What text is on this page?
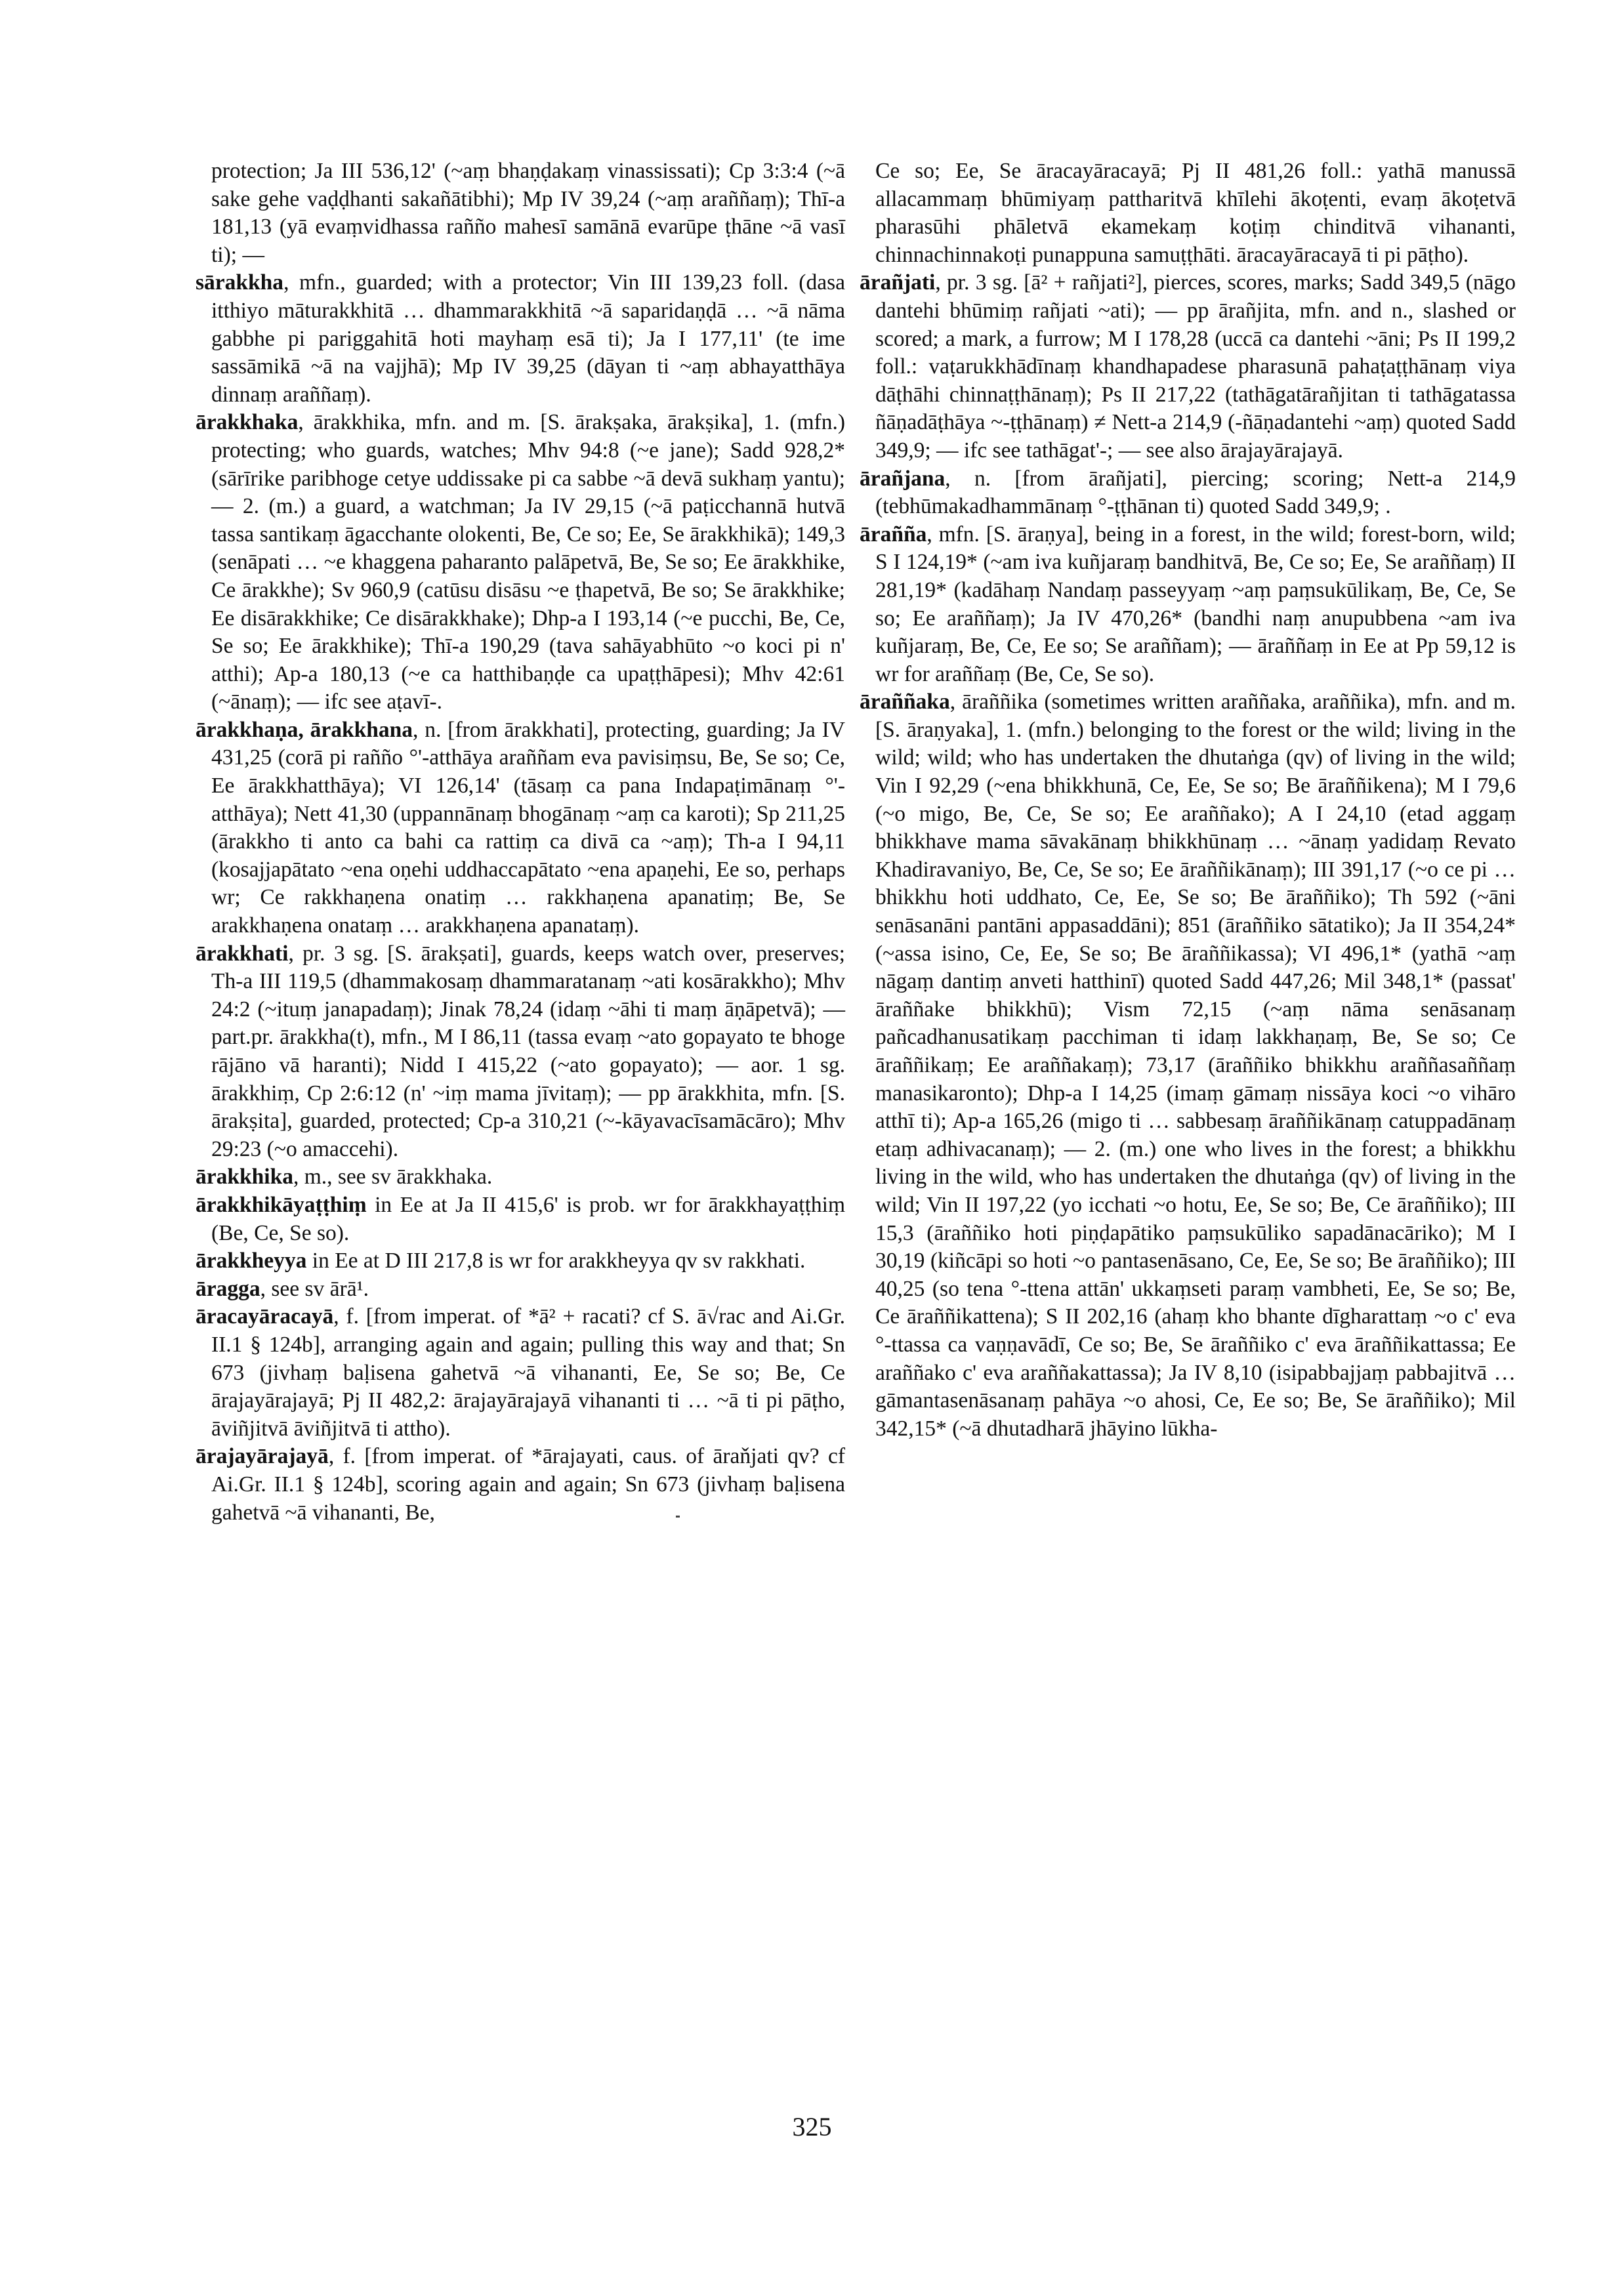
protection; Ja III 536,12' (~aṃ bhaṇḍakaṃ vinassissati); Cp 3:3:4 (~ā sake gehe vaḍḍhanti sakañātibhi); Mp IV 39,24 (~aṃ araññaṃ); Thī-a 181,13 (yā evaṃvidhassa rañño mahesī samānā evarūpe ṭhāne ~ā vasī ti); —

sārakkha, mfn., guarded; with a protector; Vin III 139,23 foll. (dasa itthiyo māturakkhitā … dhammarakkhitā ~ā saparidaṇḍā … ~ā nāma gabbhe pi pariggahitā hoti mayhaṃ esā ti); Ja I 177,11' (te ime sassāmikā ~ā na vajjhā); Mp IV 39,25 (dāyan ti ~aṃ abhayatthāya dinnaṃ araññaṃ).

ārakkhaka, ārakkhika, mfn. and m. [S. ārakṣaka, ārakṣika], 1. (mfn.) protecting; who guards, watches; Mhv 94:8 (~e jane); Sadd 928,2* (sārīrike paribhoge cetye uddissake pi ca sabbe ~ā devā sukhaṃ yantu); — 2. (m.) a guard, a watchman; Ja IV 29,15 (~ā paṭicchannā hutvā tassa santikaṃ āgacchante olokenti, Be, Ce so; Ee, Se ārakkhikā); 149,3 (senāpati … ~e khaggena paharanto palāpetvā, Be, Se so; Ee ārakkhike, Ce ārakkhe); Sv 960,9 (catūsu disāsu ~e ṭhapetvā, Be so; Se ārakkhike; Ee disārakkhike; Ce disārakkhake); Dhp-a I 193,14 (~e pucchi, Be, Ce, Se so; Ee ārakkhike); Thī-a 190,29 (tava sahāyabhūto ~o koci pi n' atthi); Ap-a 180,13 (~e ca hatthibaṇḍe ca upaṭṭhāpesi); Mhv 42:61 (~ānaṃ); — ifc see aṭavī-.

ārakkhaṇa, ārakkhana, n. [from ārakkhati], protecting, guarding; Ja IV 431,25 (corā pi rañño °'-atthāya araññam eva pavisiṃsu, Be, Se so; Ce, Ee ārakkhatthāya); VI 126,14' (tāsaṃ ca pana Indapaṭimānaṃ °'-atthāya); Nett 41,30 (uppannānaṃ bhogānaṃ ~aṃ ca karoti); Sp 211,25 (ārakkho ti anto ca bahi ca rattiṃ ca divā ca ~aṃ); Th-a I 94,11 (kosajjapātato ~ena oṇehi uddhaccapātato ~ena apaṇehi, Ee so, perhaps wr; Ce rakkhaṇena onatiṃ … rakkhaṇena apanatiṃ; Be, Se arakkhaṇena onataṃ … arakkhaṇena apanataṃ).

ārakkhati, pr. 3 sg. [S. ārakṣati], guards, keeps watch over, preserves; Th-a III 119,5 (dhammakosaṃ dhammaratanaṃ ~ati kosārakkho); Mhv 24:2 (~ituṃ janapadaṃ); Jinak 78,24 (idaṃ ~āhi ti maṃ āṇāpetvā); — part.pr. ārakkha(t), mfn., M I 86,11 (tassa evaṃ ~ato gopayato te bhoge rājāno vā haranti); Nidd I 415,22 (~ato gopayato); — aor. 1 sg. ārakkhiṃ, Cp 2:6:12 (n' ~iṃ mama jīvitaṃ); — pp ārakkhita, mfn. [S. ārakṣita], guarded, protected; Cp-a 310,21 (~-kāyavacīsamācāro); Mhv 29:23 (~o amaccehi).

ārakkhika, m., see sv ārakkhaka.

ārakkhikāyaṭṭhiṃ in Ee at Ja II 415,6' is prob. wr for ārakkhayaṭṭhiṃ (Be, Ce, Se so).

ārakkheyya in Ee at D III 217,8 is wr for arakkheyya qv sv rakkhati.

āragga, see sv ārā¹.

āracayāracayā, f. [from imperat. of *ā² + racati? cf S. ā√rac and Ai.Gr. II.1 § 124b], arranging again and again; pulling this way and that; Sn 673 (jivhaṃ baḷisena gahetvā ~ā vihananti, Ee, Se so; Be, Ce ārajayārajayā; Pj II 482,2: ārajayārajayā vihananti ti … ~ā ti pi pāṭho, āviñjitvā āviñjitvā ti attho).

ārajayārajayā, f. [from imperat. of *ārajayati, caus. of āraňjati qv? cf Ai.Gr. II.1 § 124b], scoring again and again; Sn 673 (jivhaṃ baḷisena gahetvā ~ā vihananti, Be,

Ce so; Ee, Se āracayāracayā; Pj II 481,26 foll.: yathā manussā allacammaṃ bhūmiyaṃ pattharitvā khīlehi ākoṭenti, evaṃ ākoṭetvā pharasūhi phāletvā ekamekaṃ koṭiṃ chinditvā vihananti, chinnachinnakoṭi punappuna samuṭṭhāti. āracayāracayā ti pi pāṭho).

ārañjati, pr. 3 sg. [ā² + rañjati²], pierces, scores, marks; Sadd 349,5 (nāgo dantehi bhūmiṃ rañjati ~ati); — pp ārañjita, mfn. and n., slashed or scored; a mark, a furrow; M I 178,28 (uccā ca dantehi ~āni; Ps II 199,2 foll.: vaṭarukkhādīnaṃ khandhapadese pharasunā pahaṭaṭṭhānaṃ viya dāṭhāhi chinnaṭṭhānaṃ); Ps II 217,22 (tathāgatārañjitan ti tathāgatassa ñāṇadāṭhāya ~-ṭṭhānaṃ) ≠ Nett-a 214,9 (-ñāṇadantehi ~aṃ) quoted Sadd 349,9; — ifc see tathāgat'-; — see also ārajayārajayā.

ārañjana, n. [from ārañjati], piercing; scoring; Nett-a 214,9 (tebhūmakadhammānaṃ °-ṭṭhānan ti) quoted Sadd 349,9; .

ārañña, mfn. [S. āraṇya], being in a forest, in the wild; forest-born, wild; S I 124,19* (~am iva kuñjaraṃ bandhitvā, Be, Ce so; Ee, Se araññaṃ) II 281,19* (kadāhaṃ Nandaṃ passeyyaṃ ~aṃ paṃsukūlikaṃ, Be, Ce, Se so; Ee araññaṃ); Ja IV 470,26* (bandhi naṃ anupubbena ~am iva kuñjaraṃ, Be, Ce, Ee so; Se araññam); — āraññaṃ in Ee at Pp 59,12 is wr for araññaṃ (Be, Ce, Se so).

āraññaka, āraññika (sometimes written araññaka, araññika), mfn. and m. [S. āraṇyaka], 1. (mfn.) belonging to the forest or the wild; living in the wild; wild; who has undertaken the dhutaṅga (qv) of living in the wild; Vin I 92,29 (~ena bhikkhunā, Ce, Ee, Se so; Be āraññikena); M I 79,6 (~o migo, Be, Ce, Se so; Ee araññako); A I 24,10 (etad aggaṃ bhikkhave mama sāvakānaṃ bhikkhūnaṃ … ~ānaṃ yadidaṃ Revato Khadiravaniyo, Be, Ce, Se so; Ee āraññikānaṃ); III 391,17 (~o ce pi … bhikkhu hoti uddhato, Ce, Ee, Se so; Be āraññiko); Th 592 (~āni senāsanāni pantāni appasaddāni); 851 (āraññiko sātatiko); Ja II 354,24* (~assa isino, Ce, Ee, Se so; Be āraññikassa); VI 496,1* (yathā ~aṃ nāgaṃ dantiṃ anveti hatthinī) quoted Sadd 447,26; Mil 348,1* (passat' āraññake bhikkhū); Vism 72,15 (~aṃ nāma senāsanaṃ pañcadhanusatikaṃ pacchiman ti idaṃ lakkhaṇaṃ, Be, Se so; Ce āraññikaṃ; Ee araññakaṃ); 73,17 (āraññiko bhikkhu araññasaññaṃ manasikaronto); Dhp-a I 14,25 (imaṃ gāmaṃ nissāya koci ~o vihāro atthī ti); Ap-a 165,26 (migo ti … sabbesaṃ āraññikānaṃ catuppadānaṃ etaṃ adhivacanaṃ); — 2. (m.) one who lives in the forest; a bhikkhu living in the wild, who has undertaken the dhutaṅga (qv) of living in the wild; Vin II 197,22 (yo icchati ~o hotu, Ee, Se so; Be, Ce āraññiko); III 15,3 (āraññiko hoti piṇḍapātiko paṃsukūliko sapadānacāriko); M I 30,19 (kiñcāpi so hoti ~o pantasenāsano, Ce, Ee, Se so; Be āraññiko); III 40,25 (so tena °-ttena attān' ukkaṃseti paraṃ vambheti, Ee, Se so; Be, Ce āraññikattena); S II 202,16 (ahaṃ kho bhante dīgharattaṃ ~o c' eva °-ttassa ca vaṇṇavādī, Ce so; Be, Se āraññiko c' eva āraññikattassa; Ee araññako c' eva araññakattassa); Ja IV 8,10 (isipabbajjaṃ pabbajitvā … gāmantasenāsanaṃ pahāya ~o ahosi, Ce, Ee so; Be, Se āraññiko); Mil 342,15* (~ā dhutadharā jhāyino lūkha-

325
